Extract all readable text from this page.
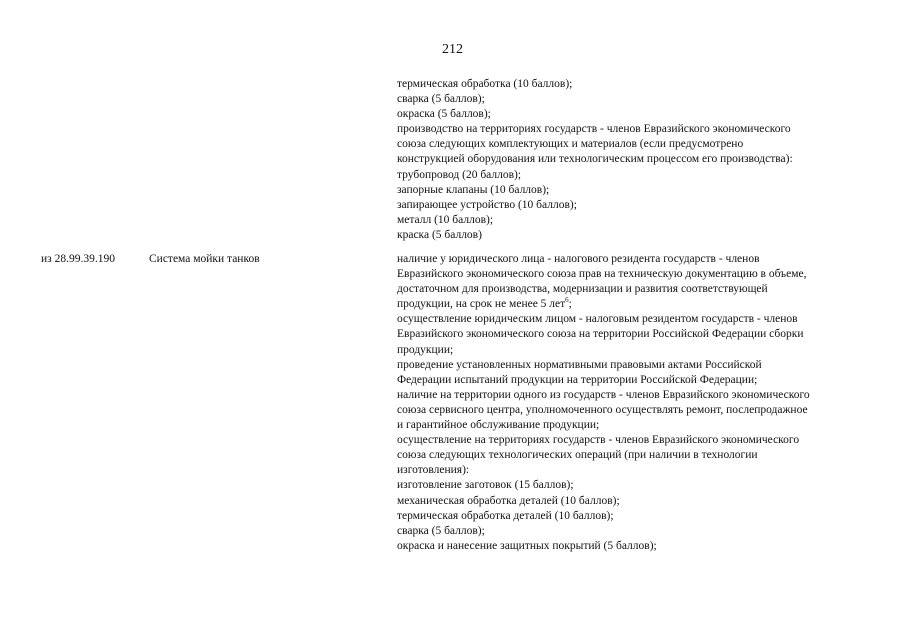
212
термическая обработка (10 баллов);
сварка (5 баллов);
окраска (5 баллов);
производство на территориях государств - членов Евразийского экономического
союза следующих комплектующих и материалов (если предусмотрено
конструкцией оборудования или технологическим процессом его производства):
трубопровод (20 баллов);
запорные клапаны (10 баллов);
запирающее устройство (10 баллов);
металл (10 баллов);
краска (5 баллов)
из 28.99.39.190	Система мойки танков	наличие у юридического лица - налогового резидента государств - членов
Евразийского экономического союза прав на техническую документацию в объеме,
достаточном для производства, модернизации и развития соответствующей
продукции, на срок не менее 5 лет$^6$;
осуществление юридическим лицом - налоговым резидентом государств - членов
Евразийского экономического союза на территории Российской Федерации сборки
продукции;
проведение установленных нормативными правовыми актами Российской
Федерации испытаний продукции на территории Российской Федерации;
наличие на территории одного из государств - членов Евразийского экономического
союза сервисного центра, уполномоченного осуществлять ремонт, послепродажное
и гарантийное обслуживание продукции;
осуществление на территориях государств - членов Евразийского экономического
союза следующих технологических операций (при наличии в технологии
изготовления):
изготовление заготовок (15 баллов);
механическая обработка деталей (10 баллов);
термическая обработка деталей (10 баллов);
сварка (5 баллов);
окраска и нанесение защитных покрытий (5 баллов);
